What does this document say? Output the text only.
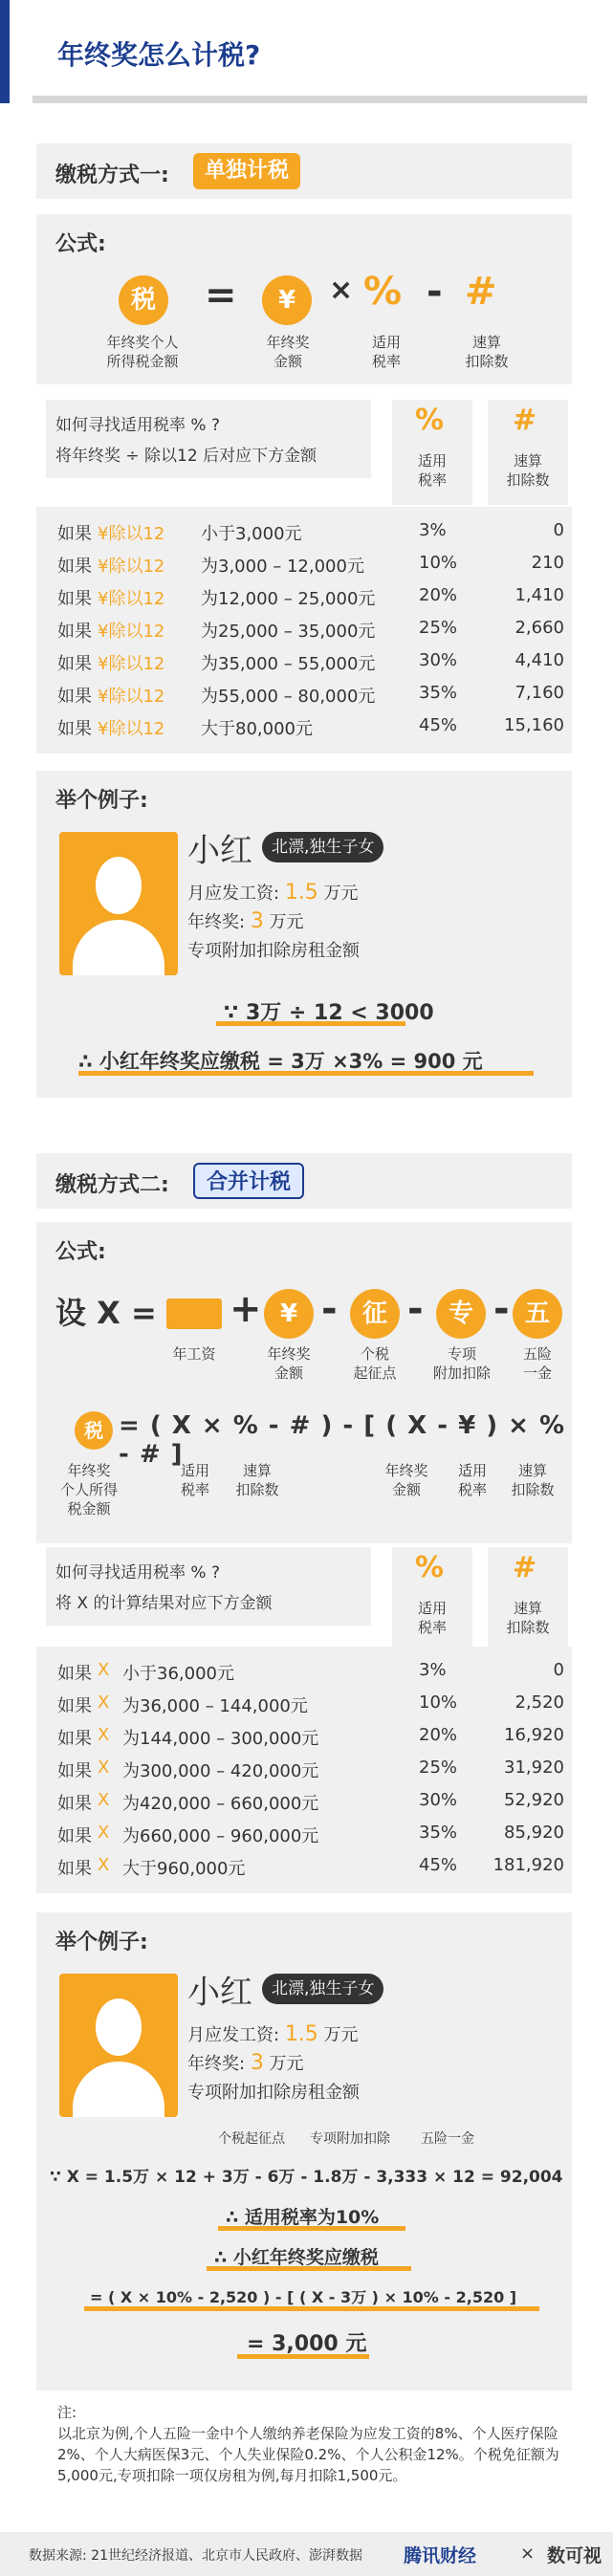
年终奖怎么计税?
缴税方式一:	单独计税
公式:
税	=	¥	× % - #
年终奖个人
所得税金额
年终奖
金额
适用
税率
速算
扣除数
如何寻找适用税率 % ?
将年终奖 ÷ 除以12 后对应下方金额
%
适用
税率
#
速算
扣除数
如果 ¥除以12 小于3,000元	3%	0
如果 ¥除以12 为3,000 – 12,000元	10%	210
如果 ¥除以12 为12,000 – 25,000元	20%	1,410
如果 ¥除以12 为25,000 – 35,000元	25%	2,660
如果 ¥除以12 为35,000 – 55,000元	30%	4,410
如果 ¥除以12 为55,000 – 80,000元	35%	7,160
如果 ¥除以12 大于80,000元	45%	15,160
举个例子:
小红	北漂,独生子女
月应发工资: 1.5 万元
年终奖: 3 万元
专项附加扣除房租金额
∵ 3万 ÷ 12 < 3000
∴ 小红年终奖应缴税 = 3万 ×3% = 900 元
缴税方式二:	合并计税
公式:
设 X = + ¥ -	征 -	专 - 五
年工资	年终奖
金额
个税
起征点
专项
附加扣除
五险
一金
税 = ( X × % - # ) - [ ( X - ¥ ) × % - # ]
年终奖
个人所得
税金额
适用
税率
速算
扣除数
年终奖
金额
适用
税率
速算
扣除数
如何寻找适用税率 % ?
将 X 的计算结果对应下方金额
%
适用
税率
#
速算
扣除数
如果 X 小于36,000元	3%	0
如果 X 为36,000 – 144,000元	10%	2,520
如果 X 为144,000 – 300,000元	20%	16,920
如果 X 为300,000 – 420,000元	25%	31,920
如果 X 为420,000 – 660,000元	30%	52,920
如果 X 为660,000 – 960,000元	35%	85,920
如果 X 大于960,000元	45% 181,920
举个例子:
小红	北漂,独生子女
月应发工资: 1.5 万元
年终奖: 3 万元
专项附加扣除房租金额
个税起征点 专项附加扣除 五险一金
∵ X = 1.5万 × 12 + 3万 - 6万 - 1.8万 - 3,333 × 12 = 92,004
∴ 适用税率为10%
∴ 小红年终奖应缴税
= ( X × 10% - 2,520 ) - [ ( X - 3万 ) × 10% - 2,520 ]
= 3,000 元
注:
以北京为例,个人五险一金中个人缴纳养老保险为应发工资的8%、个人医疗保险2%、个人大病医保3元、个人失业保险0.2%、个人公积金12%。个税免征额为5,000元,专项扣除一项仅房租为例,每月扣除1,500元。
数据来源: 21世纪经济报道、北京市人民政府、澎湃数据 腾讯财经	× 数可视
